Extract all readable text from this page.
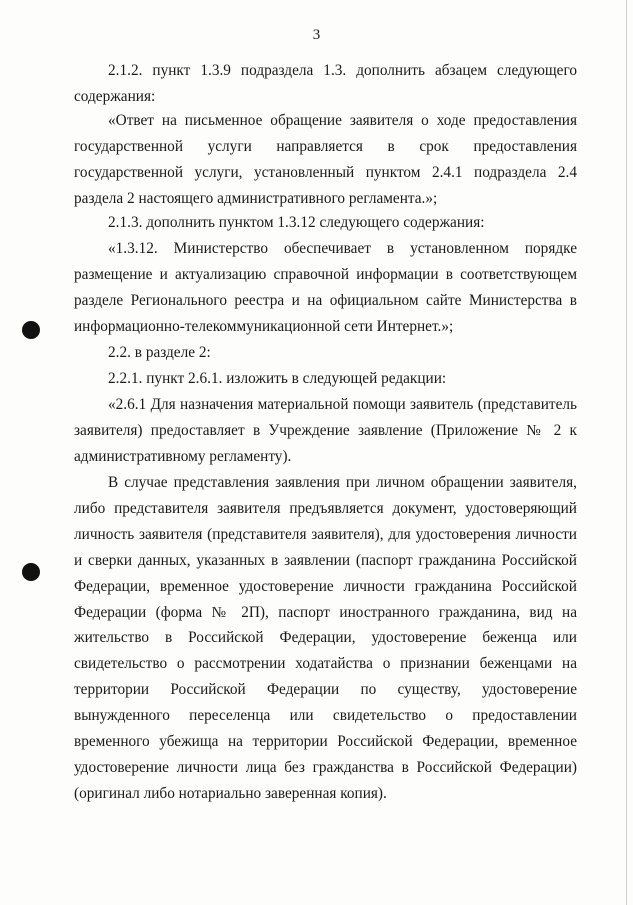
3

2.1.2. пункт 1.3.9 подраздела 1.3. дополнить абзацем следующего содержания:

«Ответ на письменное обращение заявителя о ходе предоставления государственной услуги направляется в срок предоставления государственной услуги, установленный пунктом 2.4.1 подраздела 2.4 раздела 2 настоящего административного регламента.»;

2.1.3. дополнить пунктом 1.3.12 следующего содержания:

«1.3.12. Министерство обеспечивает в установленном порядке размещение и актуализацию справочной информации в соответствующем разделе Регионального реестра и на официальном сайте Министерства в информационно-телекоммуникационной сети Интернет.»;

2.2. в разделе 2:

2.2.1. пункт 2.6.1. изложить в следующей редакции:

«2.6.1 Для назначения материальной помощи заявитель (представитель заявителя) предоставляет в Учреждение заявление (Приложение № 2 к административному регламенту).

В случае представления заявления при личном обращении заявителя, либо представителя заявителя предъявляется документ, удостоверяющий личность заявителя (представителя заявителя), для удостоверения личности и сверки данных, указанных в заявлении (паспорт гражданина Российской Федерации, временное удостоверение личности гражданина Российской Федерации (форма № 2П), паспорт иностранного гражданина, вид на жительство в Российской Федерации, удостоверение беженца или свидетельство о рассмотрении ходатайства о признании беженцами на территории Российской Федерации по существу, удостоверение вынужденного переселенца или свидетельство о предоставлении временного убежища на территории Российской Федерации, временное удостоверение личности лица без гражданства в Российской Федерации) (оригинал либо нотариально заверенная копия).
